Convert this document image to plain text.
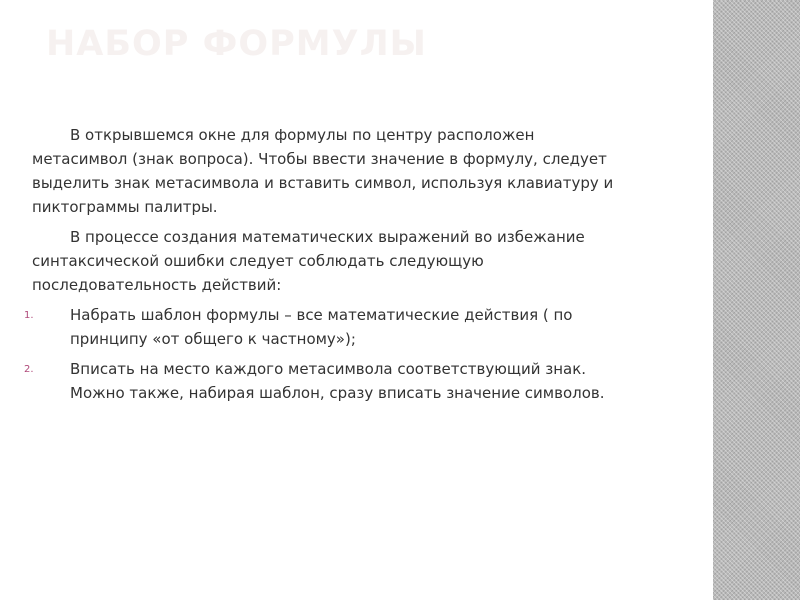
НАБОР ФОРМУЛЫ

В открывшемся окне для формулы по центру расположен метасимвол (знак вопроса). Чтобы ввести значение в формулу, следует выделить знак метасимвола и вставить символ, используя клавиатуру и пиктограммы палитры.

В процессе создания математических выражений во избежание синтаксической ошибки следует соблюдать следующую последовательность действий:

1. Набрать шаблон формулы – все математические действия ( по принципу «от общего к частному»);
2. Вписать на место каждого метасимвола соответствующий знак. Можно также, набирая шаблон, сразу вписать значение символов.
